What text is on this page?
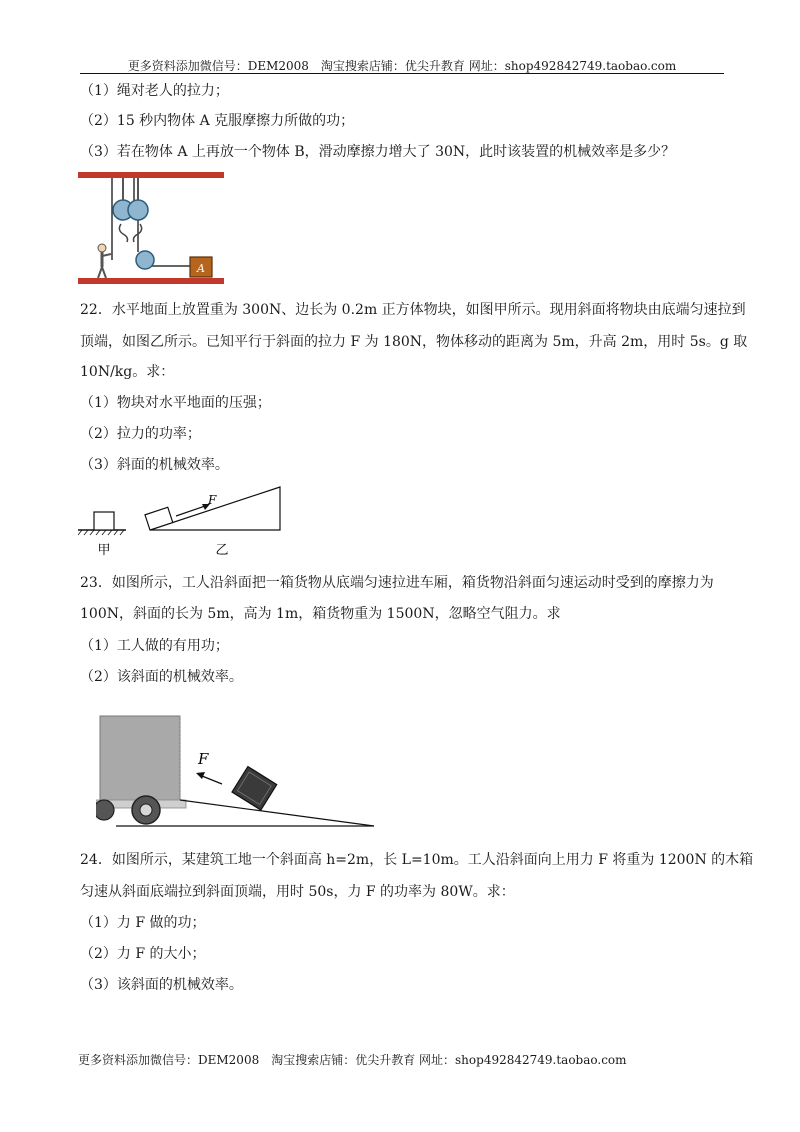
更多资料添加微信号：DEM2008　淘宝搜索店铺：优尖升教育 网址：shop492842749.taobao.com
（1）绳对老人的拉力；
（2）15 秒内物体 A 克服摩擦力所做的功；
（3）若在物体 A 上再放一个物体 B，滑动摩擦力增大了 30N，此时该装置的机械效率是多少？
A
22．水平地面上放置重为 300N、边长为 0.2m 正方体物块，如图甲所示。现用斜面将物块由底端匀速拉到
顶端，如图乙所示。已知平行于斜面的拉力 F 为 180N，物体移动的距离为 5m，升高 2m，用时 5s。g 取
10N/kg。求：
（1）物块对水平地面的压强；
（2）拉力的功率；
（3）斜面的机械效率。
甲
F
乙
23．如图所示，工人沿斜面把一箱货物从底端匀速拉进车厢，箱货物沿斜面匀速运动时受到的摩擦力为
100N，斜面的长为 5m，高为 1m，箱货物重为 1500N，忽略空气阻力。求
（1）工人做的有用功；
（2）该斜面的机械效率。
F
24．如图所示，某建筑工地一个斜面高 h=2m，长 L=10m。工人沿斜面向上用力 F 将重为 1200N 的木箱
匀速从斜面底端拉到斜面顶端，用时 50s，力 F 的功率为 80W。求：
（1）力 F 做的功；
（2）力 F 的大小；
（3）该斜面的机械效率。
更多资料添加微信号：DEM2008　淘宝搜索店铺：优尖升教育 网址：shop492842749.taobao.com
